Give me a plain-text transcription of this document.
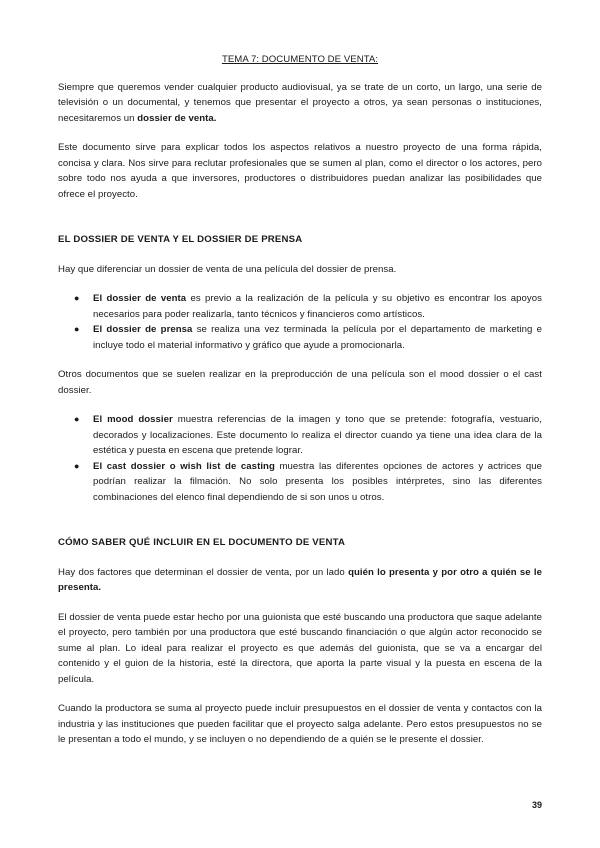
TEMA 7: DOCUMENTO DE VENTA:

Siempre que queremos vender cualquier producto audiovisual, ya se trate de un corto, un largo, una serie de televisión o un documental, y tenemos que presentar el proyecto a otros, ya sean personas o instituciones, necesitaremos un dossier de venta.

Este documento sirve para explicar todos los aspectos relativos a nuestro proyecto de una forma rápida, concisa y clara. Nos sirve para reclutar profesionales que se sumen al plan, como el director o los actores, pero sobre todo nos ayuda a que inversores, productores o distribuidores puedan analizar las posibilidades que ofrece el proyecto.

EL DOSSIER DE VENTA Y EL DOSSIER DE PRENSA

Hay que diferenciar un dossier de venta de una película del dossier de prensa.

● El dossier de venta es previo a la realización de la película y su objetivo es encontrar los apoyos necesarios para poder realizarla, tanto técnicos y financieros como artísticos.
● El dossier de prensa se realiza una vez terminada la película por el departamento de marketing e incluye todo el material informativo y gráfico que ayude a promocionarla.

Otros documentos que se suelen realizar en la preproducción de una película son el mood dossier o el cast dossier.

● El mood dossier muestra referencias de la imagen y tono que se pretende: fotografía, vestuario, decorados y localizaciones. Este documento lo realiza el director cuando ya tiene una idea clara de la estética y puesta en escena que pretende lograr.
● El cast dossier o wish list de casting muestra las diferentes opciones de actores y actrices que podrían realizar la filmación. No solo presenta los posibles intérpretes, sino las diferentes combinaciones del elenco final dependiendo de si son unos u otros.
CÓMO SABER QUÉ INCLUIR EN EL DOCUMENTO DE VENTA

Hay dos factores que determinan el dossier de venta, por un lado quién lo presenta y por otro a quién se le presenta.

El dossier de venta puede estar hecho por una guionista que esté buscando una productora que saque adelante el proyecto, pero también por una productora que esté buscando financiación o que algún actor reconocido se sume al plan. Lo ideal para realizar el proyecto es que además del guionista, que se va a encargar del contenido y el guion de la historia, esté la directora, que aporta la parte visual y la puesta en escena de la película.

Cuando la productora se suma al proyecto puede incluir presupuestos en el dossier de venta y contactos con la industria y las instituciones que pueden facilitar que el proyecto salga adelante. Pero estos presupuestos no se le presentan a todo el mundo, y se incluyen o no dependiendo de a quién se le presente el dossier.

39
